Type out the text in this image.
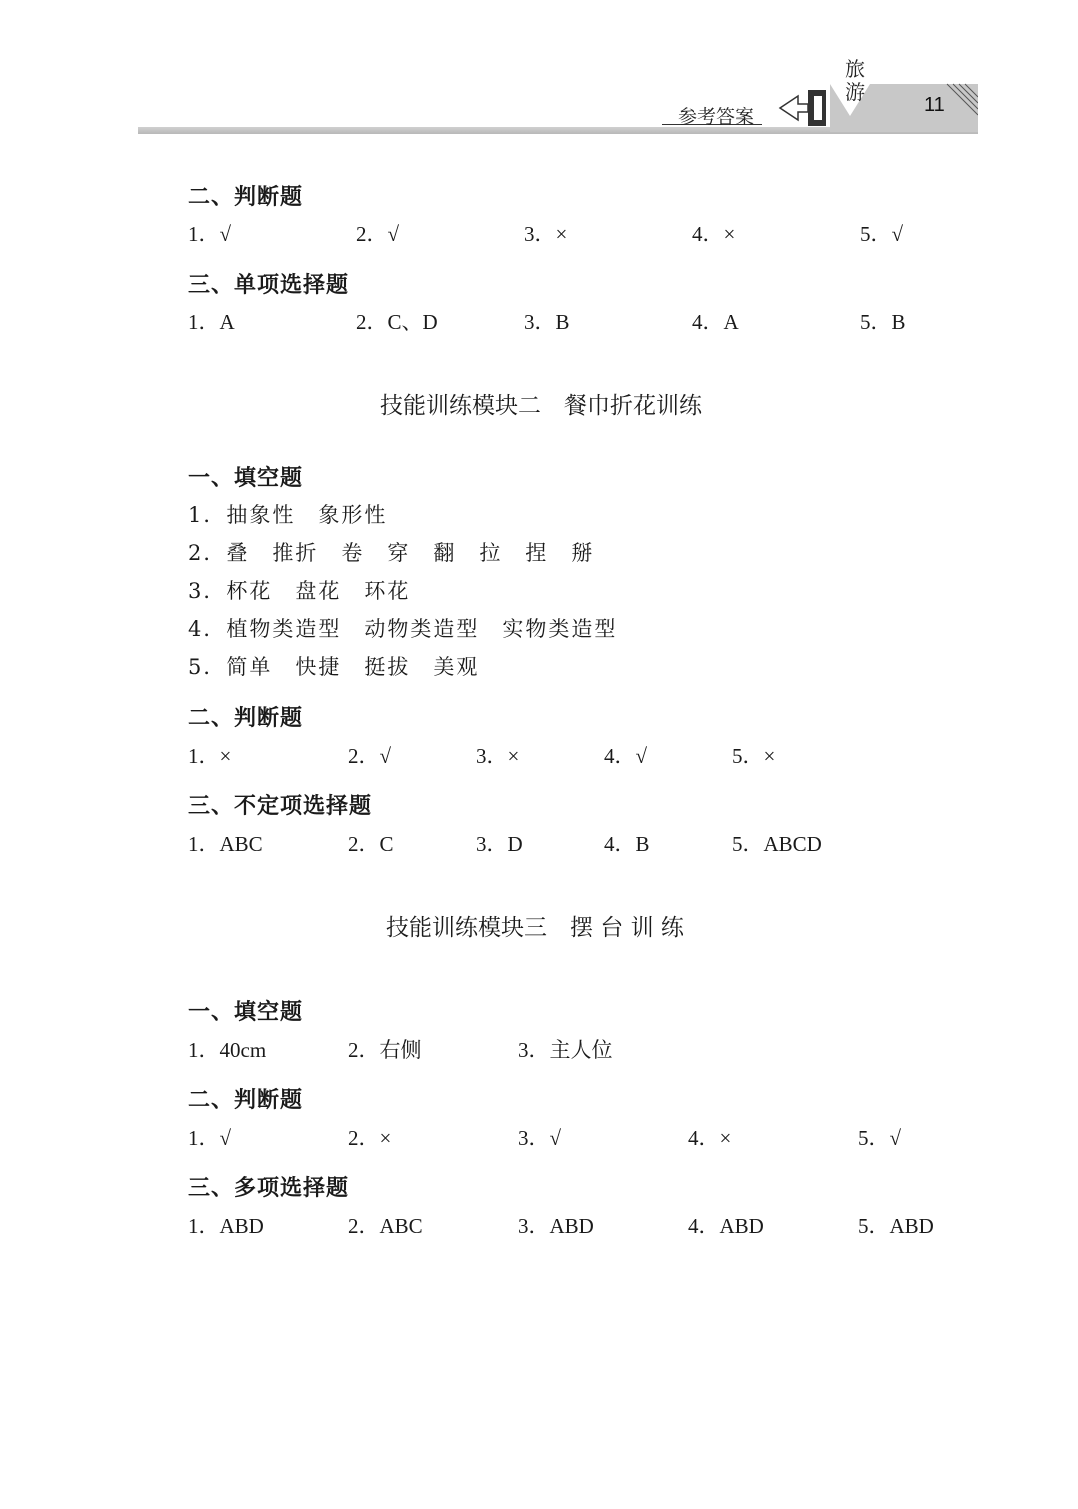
参考答案
旅游
11
二、判断题
1．√	2．√	3．×	4．×	5．√
三、单项选择题
1．A	2．C、D	3．B	4．A	5．B
技能训练模块二　餐巾折花训练
一、填空题
1．抽象性　象形性
2．叠　推折　卷　穿　翻　拉　捏　掰
3．杯花　盘花　环花
4．植物类造型　动物类造型　实物类造型
5．简单　快捷　挺拔　美观
二、判断题
1．×	2．√	3．×	4．√	5．×
三、不定项选择题
1．ABC	2．C	3．D	4．B	5．ABCD
技能训练模块三　摆 台 训 练
一、填空题
1．40cm	2．右侧	3．主人位
二、判断题
1．√	2．×	3．√	4．×	5．√
三、多项选择题
1．ABD	2．ABC	3．ABD	4．ABD	5．ABD
